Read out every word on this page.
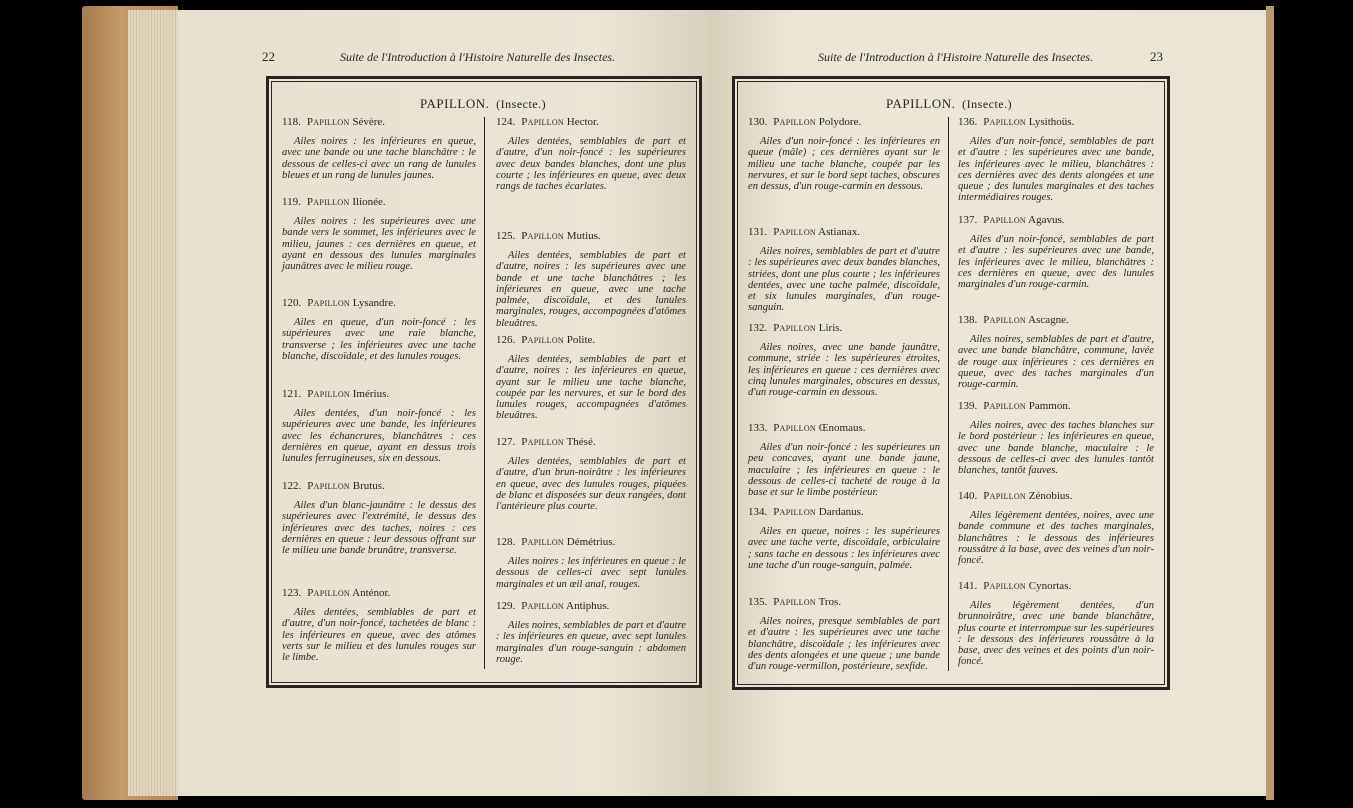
22	Suite de l'Introduction à l'Histoire Naturelle des Insectes.	Suite de l'Introduction à l'Histoire Naturelle des Insectes.	23
PAPILLON. (Insecte.)	PAPILLON. (Insecte.)
118. Papillon Sévère.
Ailes noires : les inférieures en queue, avec une bande ou une tache blanchâtre : le dessous de celles-ci avec un rang de lunules bleues et un rang de lunules jaunes.
119. Papillon Ilionée.
Ailes noires : les supérieures avec une bande vers le sommet, les inférieures avec le milieu, jaunes : ces dernières en queue, et ayant en dessous des lunules marginales jaunâtres avec le milieu rouge.
120. Papillon Lysandre.
Ailes en queue, d'un noir-foncé : les supérieures avec une raie blanche, transverse ; les inférieures avec une tache blanche, discoïdale, et des lunules rouges.
121. Papillon Imérius.
Ailes dentées, d'un noir-foncé : les supérieures avec une bande, les inférieures avec les échancrures, blanchâtres : ces dernières en queue, ayant en dessus trois lunules ferrugineuses, six en dessous.
122. Papillon Brutus.
Ailes d'un blanc-jaunâtre : le dessus des supérieures avec l'extrémité, le dessus des inférieures avec des taches, noires : ces dernières en queue : leur dessous offrant sur le milieu une bande brunâtre, transverse.
123. Papillon Anténor.
Ailes dentées, semblables de part et d'autre, d'un noir-foncé, tachetées de blanc : les inférieures en queue, avec des atômes verts sur le milieu et des lunules rouges sur le limbe.
124. Papillon Hector.
Ailes dentées, semblables de part et d'autre, d'un noir-foncé : les supérieures avec deux bandes blanches, dont une plus courte ; les inférieures en queue, avec deux rangs de taches écarlates.
125. Papillon Mutius.
Ailes dentées, semblables de part et d'autre, noires : les supérieures avec une bande et une tache blanchâtres ; les inférieures en queue, avec une tache palmée, discoïdale, et des lunules marginales, rouges, accompagnées d'atômes bleuâtres.
126. Papillon Polite.
Ailes dentées, semblables de part et d'autre, noires : les inférieures en queue, ayant sur le milieu une tache blanche, coupée par les nervures, et sur le bord des lunules rouges, accompagnées d'atômes bleuâtres.
127. Papillon Thésé.
Ailes dentées, semblables de part et d'autre, d'un brun-noirâtre : les inférieures en queue, avec des lunules rouges, piquées de blanc et disposées sur deux rangées, dont l'antérieure plus courte.
128. Papillon Démétrius.
Ailes noires : les inférieures en queue : le dessous de celles-ci avec sept lunules marginales et un œil anal, rouges.
129. Papillon Antiphus.
Ailes noires, semblables de part et d'autre : les inférieures en queue, avec sept lunules marginales d'un rouge-sanguin : abdomen rouge.
130. Papillon Polydore.
Ailes d'un noir-foncé : les inférieures en queue (mâle) ; ces dernières ayant sur le milieu une tache blanche, coupée par les nervures, et sur le bord sept taches, obscures en dessus, d'un rouge-carmin en dessous.
131. Papillon Astianax.
Ailes noires, semblables de part et d'autre : les supérieures avec deux bandes blanches, striées, dont une plus courte ; les inférieures dentées, avec une tache palmée, discoïdale, et six lunules marginales, d'un rouge-sanguin.
132. Papillon Liris.
Ailes noires, avec une bande jaunâtre, commune, striée : les supérieures étroites, les inférieures en queue : ces dernières avec cinq lunules marginales, obscures en dessus, d'un rouge-carmin en dessous.
133. Papillon Œnomaus.
Ailes d'un noir-foncé : les supérieures un peu concaves, ayant une bande jaune, maculaire ; les inférieures en queue : le dessous de celles-ci tacheté de rouge à la base et sur le limbe postérieur.
134. Papillon Dardanus.
Ailes en queue, noires : les supérieures avec une tache verte, discoïdale, orbiculaire ; sans tache en dessous : les inférieures avec une tache d'un rouge-sanguin, palmée.
135. Papillon Tros.
Ailes noires, presque semblables de part et d'autre : les supérieures avec une tache blanchâtre, discoïdale ; les inférieures avec des dents alongées et une queue ; une bande d'un rouge-vermillon, postérieure, sexfide.
136. Papillon Lysithoüs.
Ailes d'un noir-foncé, semblables de part et d'autre : les supérieures avec une bande, les inférieures avec le milieu, blanchâtres : ces dernières avec des dents alongées et une queue ; des lunules marginales et des taches intermédiaires rouges.
137. Papillon Agavus.
Ailes d'un noir-foncé, semblables de part et d'autre : les supérieures avec une bande, les inférieures avec le milieu, blanchâtres : ces dernières en queue, avec des lunules marginales d'un rouge-carmin.
138. Papillon Ascagne.
Ailes noires, semblables de part et d'autre, avec une bande blanchâtre, commune, lavée de rouge aux inférieures : ces dernières en queue, avec des taches marginales d'un rouge-carmin.
139. Papillon Pammon.
Ailes noires, avec des taches blanches sur le bord postérieur : les inférieures en queue, avec une bande blanche, maculaire : le dessous de celles-ci avec des lunules tantôt blanches, tantôt fauves.
140. Papillon Zénobius.
Ailes légèrement dentées, noires, avec une bande commune et des taches marginales, blanchâtres : le dessous des inférieures roussâtre à la base, avec des veines d'un noir-foncé.
141. Papillon Cynortas.
Ailes légèrement dentées, d'un brunnoirâtre, avec une bande blanchâtre, plus courte et interrompue sur les supérieures : le dessous des inférieures roussâtre à la base, avec des veines et des points d'un noir-foncé.
